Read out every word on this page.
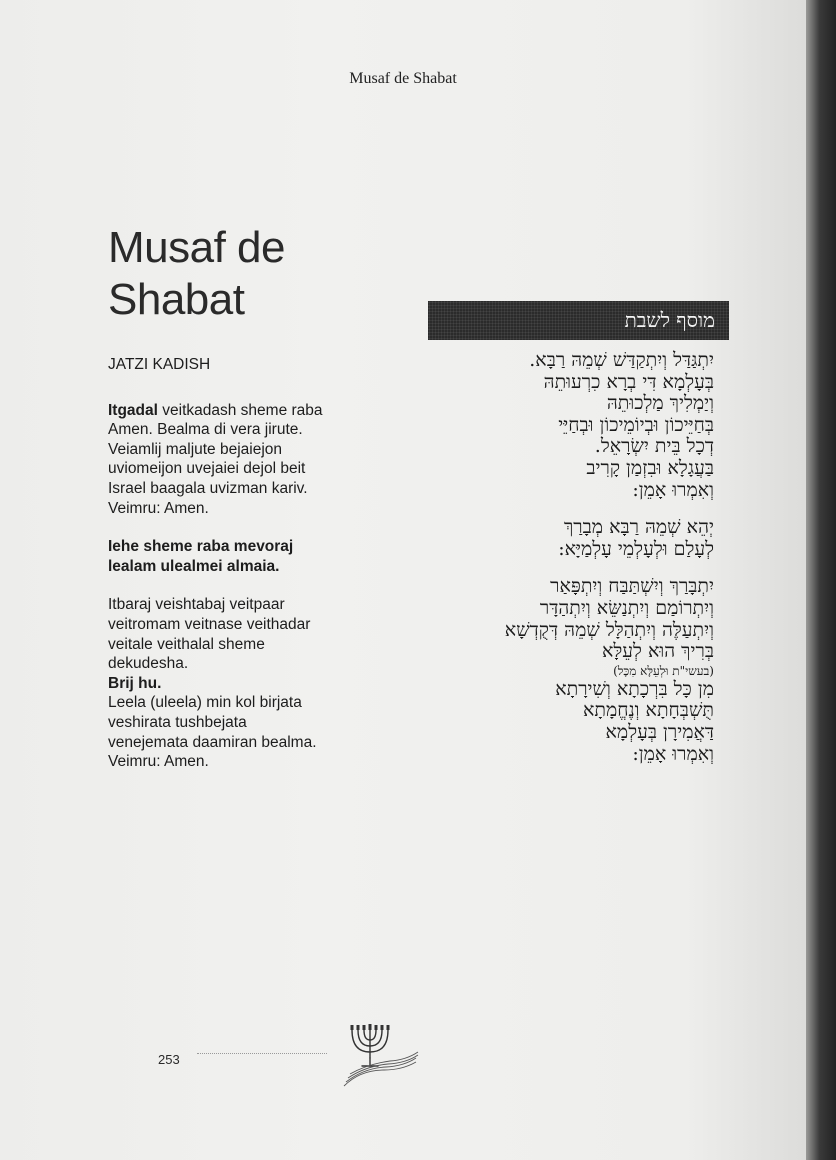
Musaf de Shabat
Musaf de
Shabat
JATZI KADISH
Itgadal veitkadash sheme raba
Amen. Bealma di vera jirute.
Veiamlij maljute bejaiejon
uviomeijon uvejaiei dejol beit
Israel baagala uvizman kariv.
Veimru: Amen.
Iehe sheme raba mevoraj
lealam ulealmei almaia.
Itbaraj veishtabaj veitpaar
veitromam veitnase veithadar
veitale veithalal sheme
dekudesha.
Brij hu.
Leela (uleela) min kol birjata
veshirata tushbejata
venejemata daamiran bealma.
Veimru: Amen.
מוסף לשבת
יִתְגַּדַּל וְיִתְקַדַּשׁ שְׁמֵהּ רַבָּא.
בְּעָלְמָא דִּי בְרָא כִרְעוּתֵהּ
וְיַמְלִיךְ מַלְכוּתֵהּ
בְּחַיֵּיכוֹן וּבְיוֹמֵיכוֹן וּבְחַיֵּי
דְכָל בֵּית יִשְׂרָאֵל.
בַּעֲגָלָא וּבִזְמַן קָרִיב
וְאִמְרוּ אָמֵן:
יְהֵא שְׁמֵהּ רַבָּא מְבָרַךְ
לְעָלַם וּלְעָלְמֵי עָלְמַיָּא:
יִתְבָּרַךְ וְיִשְׁתַּבַּח וְיִתְפָּאַר
וְיִתְרוֹמַם וְיִתְנַשֵּׂא וְיִתְהַדָּר
וְיִתְעַלֶּה וְיִתְהַלָּל שְׁמֵהּ דְּקֻדְשָׁא
בְּרִיךְ הוּא לְעֵלָּא
(בעשי"ת וּלְעֵלָּא מִכָּל)
מִן כָּל בִּרְכָתָא וְשִׁירָתָא
תֻּשְׁבְּחָתָא וְנֶחֱמָתָא
דַּאֲמִירָן בְּעָלְמָא
וְאִמְרוּ אָמֵן:
253
